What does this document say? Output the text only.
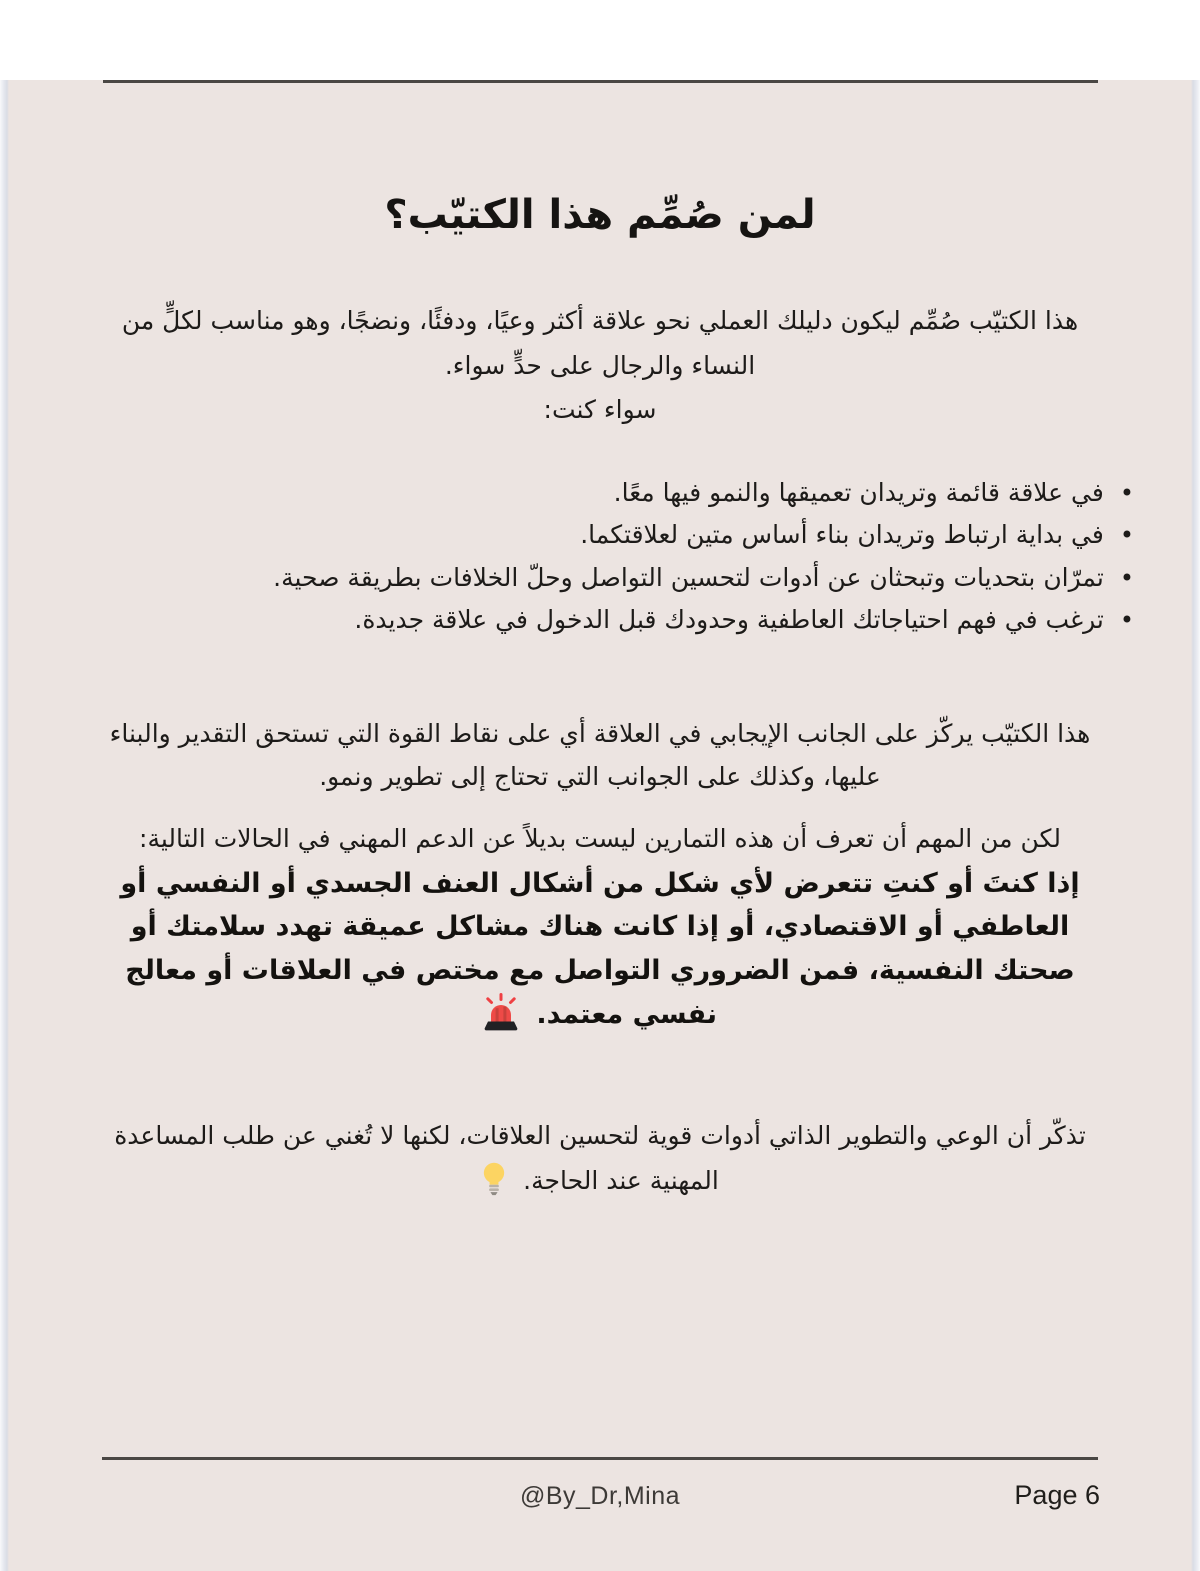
لمن صُمِّم هذا الكتيّب؟

هذا الكتيّب صُمِّم ليكون دليلك العملي نحو علاقة أكثر وعيًا، ودفئًا، ونضجًا، وهو مناسب لكلٍّ من النساء والرجال على حدٍّ سواء.

سواء كنت:

•في علاقة قائمة وتريدان تعميقها والنمو فيها معًا.
•في بداية ارتباط وتريدان بناء أساس متين لعلاقتكما.
•تمرّان بتحديات وتبحثان عن أدوات لتحسين التواصل وحلّ الخلافات بطريقة صحية.
•ترغب في فهم احتياجاتك العاطفية وحدودك قبل الدخول في علاقة جديدة.

هذا الكتيّب يركّز على الجانب الإيجابي في العلاقة أي على نقاط القوة التي تستحق التقدير والبناء عليها، وكذلك على الجوانب التي تحتاج إلى تطوير ونمو.

لكن من المهم أن تعرف أن هذه التمارين ليست بديلاً عن الدعم المهني في الحالات التالية:

إذا كنتَ أو كنتِ تتعرض لأي شكل من أشكال العنف الجسدي أو النفسي أو العاطفي أو الاقتصادي، أو إذا كانت هناك مشاكل عميقة تهدد سلامتك أو صحتك النفسية، فمن الضروري التواصل مع مختص في العلاقات أو معالج نفسي معتمد.

تذكّر أن الوعي والتطوير الذاتي أدوات قوية لتحسين العلاقات، لكنها لا تُغني عن طلب المساعدة المهنية عند الحاجة.

@By_Dr,Mina	Page 6
